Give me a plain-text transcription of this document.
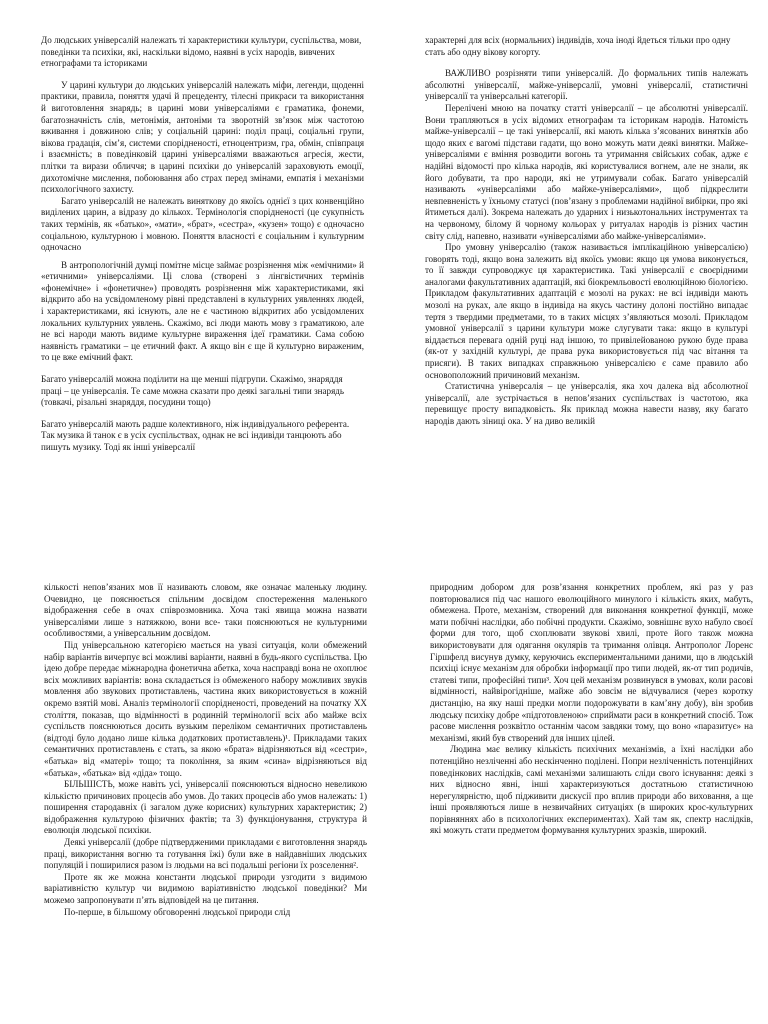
До людських універсалій належать ті характеристики культури, суспільства, мови, поведінки та психіки, які, наскільки відомо, наявні в усіх народів, вивчених етнографами та істориками

У царині культури до людських універсалій належать міфи, легенди, щоденні практики, правила, поняття удачі й прецеденту, тілесні прикраси та використання й виготовлення знарядь; в царині мови універсаліями є граматика, фонеми, багатозначність слів, метонімія, антоніми та зворотній зв’язок між частотою вживання і довжиною слів; у соціальній царині: поділ праці, соціальні групи, вікова градація, сім’я, системи спорідненості, етноцентризм, гра, обмін, співпраця і взаємність; в поведінковій царині універсаліями вважаються агресія, жести, плітки та вирази обличчя; в царині психіки до універсалій зараховують емоції, дихотомічне мислення, побоювання або страх перед змінами, емпатія і механізми психологічного захисту.

Багато універсалій не належать виняткову до якоїсь однієї з цих конвенційно виділених царин, а відразу до кількох. Термінологія спорідненості (це сукупність таких термінів, як «батько», «мати», «брат», «сестра», «кузен» тощо) є одночасно соціальною, культурною і мовною. Поняття власності є соціальним і культурним одночасно

В антропологічній думці помітне місце займає розрізнення між «емічними» й «етичними» універсаліями. Ці слова (створені з лінгвістичних термінів «фонемічне» і «фонетичне») проводять розрізнення між характеристиками, які відкрито або на усвідомленому рівні представлені в культурних уявленнях людей, і характеристиками, які існують, але не є частиною відкритих або усвідомлених локальних культурних уявлень. Скажімо, всі люди мають мову з граматикою, але не всі народи мають видиме культурне вираження ідеї граматики. Сама собою наявність граматики – це етичний факт. А якщо він є ще й культурно вираженим, то це вже емічний факт.

Багато універсалій можна поділити на ще менші підгрупи. Скажімо, знаряддя праці – це універсалія. Те саме можна сказати про деякі загальні типи знарядь (товкачі, різальні знаряддя, посудини тощо)

Багато універсалій мають радше колективного, ніж індивідуального референта. Так музика й танок є в усіх суспільствах, однак не всі індивіди танцюють або пишуть музику. Тоді як інші універсалії

характерні для всіх (нормальних) індивідів, хоча іноді йдеться тільки про одну стать або одну вікову когорту.

ВАЖЛИВО розрізняти типи універсалій. До формальних типів належать абсолютні універсалії, майже-універсалії, умовні універсалії, статистичні універсалії та універсальні категорії.

Перелічені мною на початку статті універсалії – це абсолютні універсалії. Вони трапляються в усіх відомих етнографам та історикам народів. Натомість майже-універсалії – це такі універсалії, які мають кілька з’ясованих винятків або щодо яких є вагомі підстави гадати, що воно можуть мати деякі винятки. Майже-універсаліями є вміння розводити вогонь та утримання свійських собак, адже є надійні відомості про кілька народів, які користувалися вогнем, але не знали, як його добувати, та про народи, які не утримували собак. Багато універсалій називають «універсаліями або майже-універсаліями», щоб підкреслити невпевненість у їхньому статусі (пов’язану з проблемами надійної вибірки, про які йтиметься далі). Зокрема належать до ударних і низькотональних інструментах та на червоному, білому й чорному кольорах у ритуалах народів із різних частин світу слід, напевно, називати «універсаліями або майже-універсаліями».

Про умовну універсалію (також називається імплікаційною універсалією) говорять тоді, якщо вона залежить від якоїсь умови: якщо ця умова виконується, то її завжди супроводжує ця характеристика. Такі універсалії є своєрідними аналогами факультативних адаптацій, які біокремльовості еволюційною біологією. Прикладом факультативних адаптацій є мозолі на руках: не всі індивіди мають мозолі на руках, але якщо в індивіда на якусь частину долоні постійно випадає тертя з твердими предметами, то в таких місцях з’являються мозолі. Прикладом умовної універсалії з царини культури може слугувати така: якщо в культурі віддається перевага одній руці над іншою, то привілейованою рукою буде права (як-от у західній культурі, де права рука використовується під час вітання та присяги). В таких випадках справжньою універсалією є саме правило або основоположний причиновий механізм.

Статистична універсалія – це універсалія, яка хоч далека від абсолютної універсалії, але зустрічається в непов’язаних суспільствах із частотою, яка перевищує просту випадковість. Як приклад можна навести назву, яку багато народів дають зіниці ока. У на диво великій

кількості непов’язаних мов її називають словом, яке означає маленьку людину. Очевидно, це пояснюється спільним досвідом спостереження маленького відображення себе в очах співрозмовника. Хоча такі явища можна назвати універсаліями лише з натяжкою, вони все- таки пояснюються не культурними особливостями, а універсальним досвідом.

Під універсальною категорією мається на увазі ситуація, коли обмежений набір варіантів вичерпує всі можливі варіанти, наявні в будь-якого суспільства. Цю ідею добре передає міжнародна фонетична абетка, хоча насправді вона не охоплює всіх можливих варіантів: вона складається із обмеженого набору можливих звуків мовлення або звукових протиставлень, частина яких використовується в кожній окремо взятій мові. Аналіз термінології спорідненості, проведений на початку XX століття, показав, що відмінності в родинній термінології всіх або майже всіх суспільств пояснюються досить вузьким переліком семантичних протиставлень (відтоді було додано лише кілька додаткових протиставлень)¹. Прикладами таких семантичних протиставлень є стать, за якою «брата» відрізняються від «сестри», «батька» від «матері» тощо; та покоління, за яким «сина» відрізняються від «батька», «батька» від «діда» тощо.

БІЛЬШІСТЬ, може навіть усі, універсалії пояснюються відносно невеликою кількістю причинових процесів або умов. До таких процесів або умов належать: 1) поширення стародавніх (і загалом дуже корисних) культурних характеристик; 2) відображення культурою фізичних фактів; та 3) функціонування, структура й еволюція людської психіки.

Деякі універсалії (добре підтвердженими прикладами є виготовлення знарядь праці, використання вогню та готування їжі) були вже в найдавніших людських популяцій і поширилися разом із людьми на всі подальші регіони їх розселення².

Проте як же можна константи людської природи узгодити з видимою варіативністю культур чи видимою варіативністю людської поведінки? Ми можемо запропонувати п’ять відповідей на це питання.

По-перше, в більшому обговоренні людської природи слід

природним добором для розв’язання конкретних проблем, які раз у раз повторювалися під час нашого еволюційного минулого і кількість яких, мабуть, обмежена. Проте, механізм, створений для виконання конкретної функції, може мати побічні наслідки, або побічні продукти. Скажімо, зовнішнє вухо набуло своєї форми для того, щоб схоплювати звукові хвилі, проте його також можна використовувати для одягання окулярів та тримання олівця. Антрополог Лоренс Гіршфелд висунув думку, керуючись експериментальними даними, що в людській психіці існує механізм для обробки інформації про типи людей, як-от тип родичів, статеві типи, професійні типи³. Хоч цей механізм розвинувся в умовах, коли расові відмінності, найвірогідніше, майже або зовсім не відчувалися (через коротку дистанцію, на яку наші предки могли подорожувати в кам’яну добу), він зробив людську психіку добре «підготовленою» сприймати раси в конкретний спосіб. Тож расове мислення розквітло останнім часом завдяки тому, що воно «паразитує» на механізмі, який був створений для інших цілей.

Людина має велику кількість психічних механізмів, а їхні наслідки або потенційно незліченні або нескінченно поділені. Попри незліченність потенційних поведінкових наслідків, самі механізми залишають сліди свого існування: деякі з них відносно явні, інші характеризуються достатньою статистичною нерегулярністю, щоб підживити дискусії про вплив природи або виховання, а ще інші проявляються лише в незвичайних ситуаціях (в широких крос-культурних порівняннях або в психологічних експериментах). Хай там як, спектр наслідків, які можуть стати предметом формування культурних зразків, широкий.
